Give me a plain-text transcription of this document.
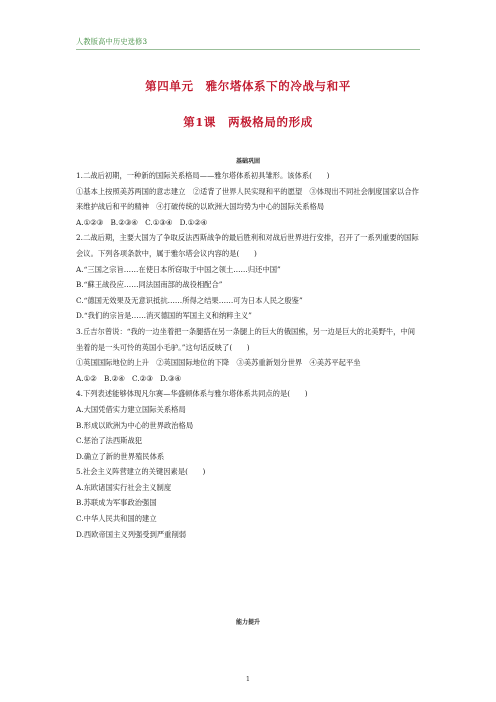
人教版高中历史选修3
第四单元　雅尔塔体系下的冷战与和平
第1课　两极格局的形成
基础巩固

1.二战后初期，一种新的国际关系格局——雅尔塔体系初具雏形。该体系(　　)

①基本上按照美苏两国的意志建立　②适背了世界人民实现和平的愿望　③体现出不同社会制度国家以合作来维护战后和平的精神　④打破传统的以欧洲大国均势为中心的国际关系格局

A.①②③　B.②③④　C.①③④　D.①②④

2.二战后期，主要大国为了争取反法西斯战争的最后胜利和对战后世界进行安排，召开了一系列重要的国际会议。下列各项条款中，属于雅尔塔会议内容的是(　　)

A.“三国之宗旨……在使日本所窃取于中国之领土……归还中国”

B.“蘇王战役应……同法国南部的战役相配合”

C.“德国无效果及无意识抵抗……所得之结果……可为日本人民之殷鉴”

D.“我们的宗旨是……消灭德国的军国主义和纳粹主义”

3.丘吉尔曾说：“我的一边坐着把一条腿搭在另一条腿上的巨大的俄国熊，另一边是巨大的北美野牛，中间坐着的是一头可怜的英国小毛驴。”这句话反映了(　　)

①英国国际地位的上升　②英国国际地位的下降　③美苏重新划分世界　④美苏平起平坐

A.①②　B.②④　C.②③　D.③④

4.下列表述能够体现凡尔赛—华盛顿体系与雅尔塔体系共同点的是(　　)

A.大国凭借实力建立国际关系格局

B.形成以欧洲为中心的世界政治格局

C.惩治了法西斯战犯

D.确立了新的世界殖民体系

5.社会主义阵营建立的关键因素是(　　)

A.东欧诸国实行社会主义制度

B.苏联成为军事政治强国

C.中华人民共和国的建立

D.西欧帝国主义列强受到严重削弱

能力提升
1
